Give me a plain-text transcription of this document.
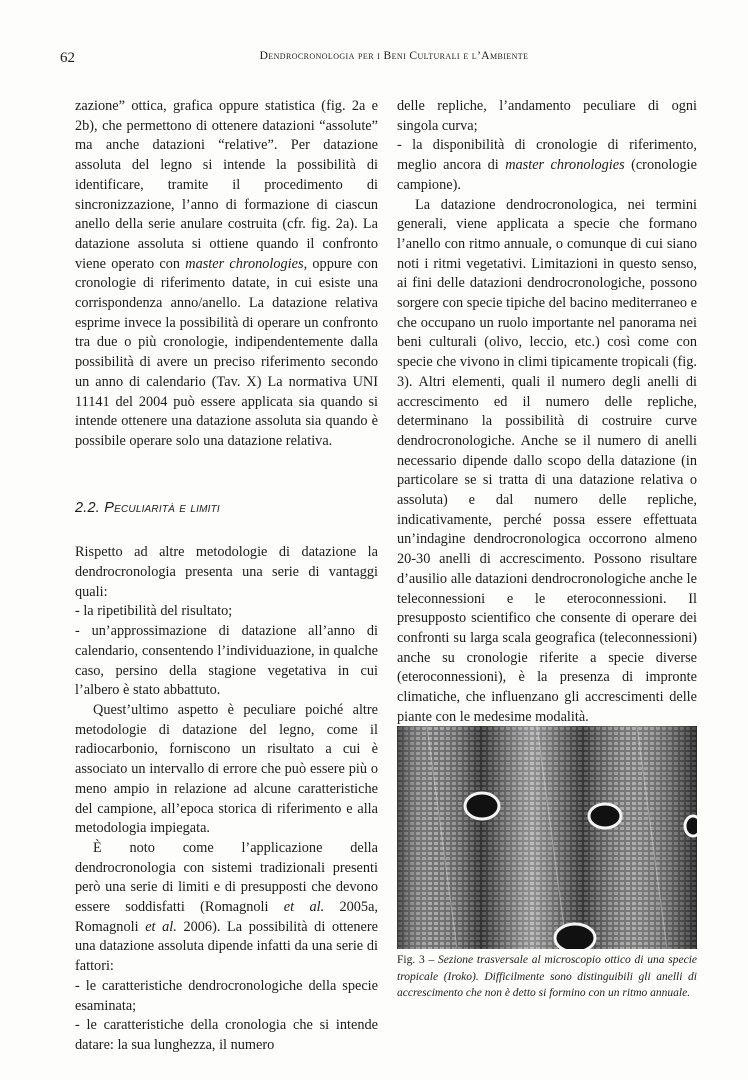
62	Dendrocronologia per i Beni Culturali e l’Ambiente

zazione” ottica, grafica oppure statistica (fig. 2a e 2b), che permettono di ottenere datazioni “assolute” ma anche datazioni “relative”. Per datazione assoluta del legno si intende la possibilità di identificare, tramite il procedimento di sincronizzazione, l’anno di formazione di ciascun anello della serie anulare costruita (cfr. fig. 2a). La datazione assoluta si ottiene quando il confronto viene operato con master chronologies, oppure con cronologie di riferimento datate, in cui esiste una corrispondenza anno/anello. La datazione relativa esprime invece la possibilità di operare un confronto tra due o più cronologie, indipendentemente dalla possibilità di avere un preciso riferimento secondo un anno di calendario (Tav. X) La normativa UNI 11141 del 2004 può essere applicata sia quando si intende ottenere una datazione assoluta sia quando è possibile operare solo una datazione relativa.

2.2. Peculiarità e limiti

Rispetto ad altre metodologie di datazione la dendrocronologia presenta una serie di vantaggi quali:

- la ripetibilità del risultato;

- un’approssimazione di datazione all’anno di calendario, consentendo l’individuazione, in qualche caso, persino della stagione vegetativa in cui l’albero è stato abbattuto.

Quest’ultimo aspetto è peculiare poiché altre metodologie di datazione del legno, come il radiocarbonio, forniscono un risultato a cui è associato un intervallo di errore che può essere più o meno ampio in relazione ad alcune caratteristiche del campione, all’epoca storica di riferimento e alla metodologia impiegata.

È noto come l’applicazione della dendrocronologia con sistemi tradizionali presenti però una serie di limiti e di presupposti che devono essere soddisfatti (Romagnoli et al. 2005a, Romagnoli et al. 2006). La possibilità di ottenere una datazione assoluta dipende infatti da una serie di fattori:

- le caratteristiche dendrocronologiche della specie esaminata;

- le caratteristiche della cronologia che si intende datare: la sua lunghezza, il numero

delle repliche, l’andamento peculiare di ogni singola curva;

- la disponibilità di cronologie di riferimento, meglio ancora di master chronologies (cronologie campione).

La datazione dendrocronologica, nei termini generali, viene applicata a specie che formano l’anello con ritmo annuale, o comunque di cui siano noti i ritmi vegetativi. Limitazioni in questo senso, ai fini delle datazioni dendrocronologiche, possono sorgere con specie tipiche del bacino mediterraneo e che occupano un ruolo importante nel panorama nei beni culturali (olivo, leccio, etc.) così come con specie che vivono in climi tipicamente tropicali (fig. 3). Altri elementi, quali il numero degli anelli di accrescimento ed il numero delle repliche, determinano la possibilità di costruire curve dendrocronologiche. Anche se il numero di anelli necessario dipende dallo scopo della datazione (in particolare se si tratta di una datazione relativa o assoluta) e dal numero delle repliche, indicativamente, perché possa essere effettuata un’indagine dendrocronologica occorrono almeno 20-30 anelli di accrescimento. Possono risultare d’ausilio alle datazioni dendrocronologiche anche le teleconnessioni e le eteroconnessioni. Il presupposto scientifico che consente di operare dei confronti su larga scala geografica (teleconnessioni) anche su cronologie riferite a specie diverse (eteroconnessioni), è la presenza di impronte climatiche, che influenzano gli accrescimenti delle piante con le medesime modalità.

Fig. 3 – Sezione trasversale al microscopio ottico di una specie tropicale (Iroko). Difficilmente sono distinguibili gli anelli di accrescimento che non è detto si formino con un ritmo annuale.
